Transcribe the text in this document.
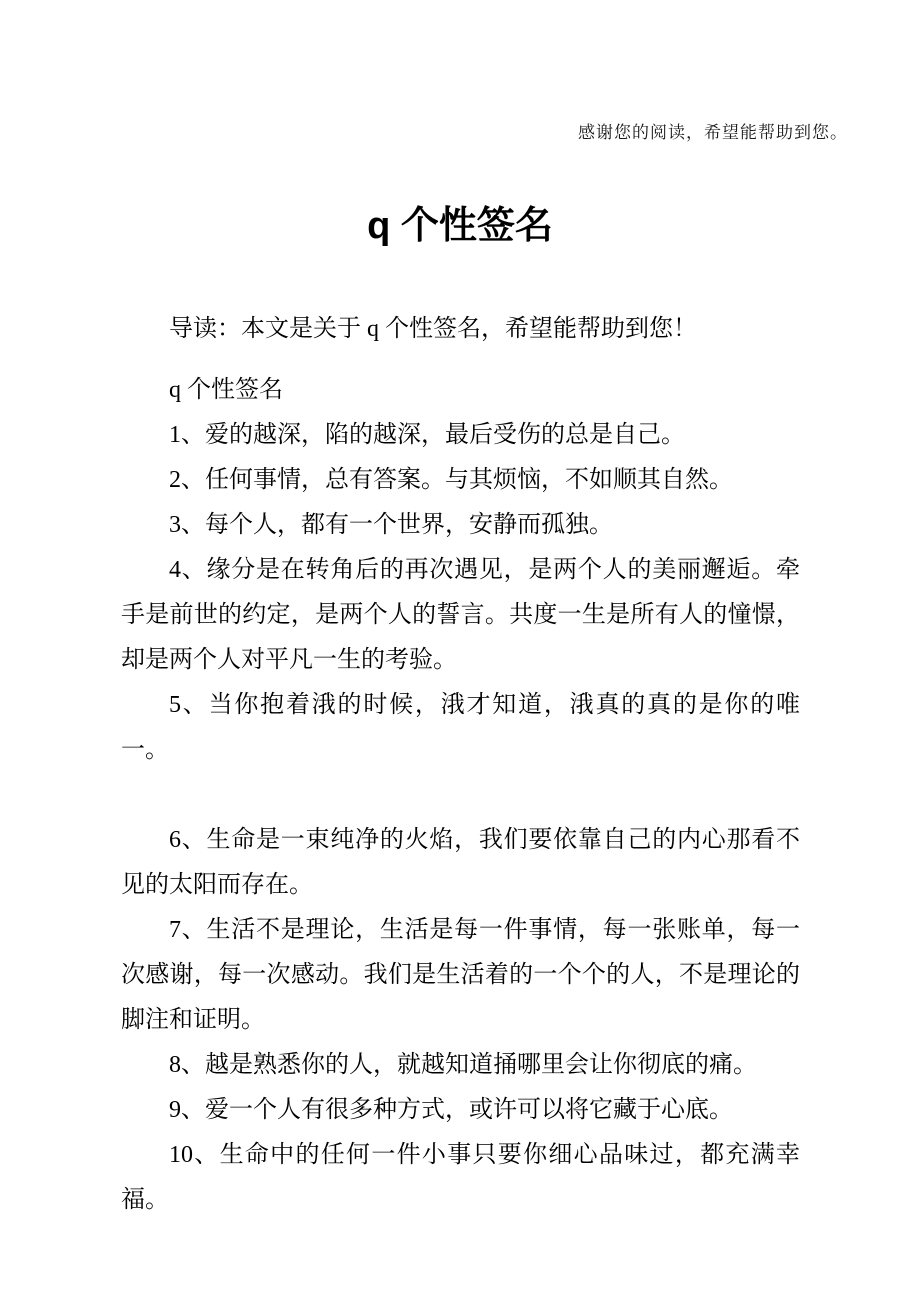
感谢您的阅读，希望能帮助到您。
q 个性签名

导读：本文是关于 q 个性签名，希望能帮助到您！

q 个性签名

1、爱的越深，陷的越深，最后受伤的总是自己。

2、任何事情，总有答案。与其烦恼，不如顺其自然。

3、每个人，都有一个世界，安静而孤独。

4、缘分是在转角后的再次遇见，是两个人的美丽邂逅。牵手是前世的约定，是两个人的誓言。共度一生是所有人的憧憬，却是两个人对平凡一生的考验。

5、当你抱着涐的时候，涐才知道，涐真的真的是你的唯一。

6、生命是一束纯净的火焰，我们要依靠自己的内心那看不见的太阳而存在。

7、生活不是理论，生活是每一件事情，每一张账单，每一次感谢，每一次感动。我们是生活着的一个个的人，不是理论的脚注和证明。

8、越是熟悉你的人，就越知道捅哪里会让你彻底的痛。

9、爱一个人有很多种方式，或许可以将它藏于心底。

10、生命中的任何一件小事只要你细心品味过，都充满幸福。
